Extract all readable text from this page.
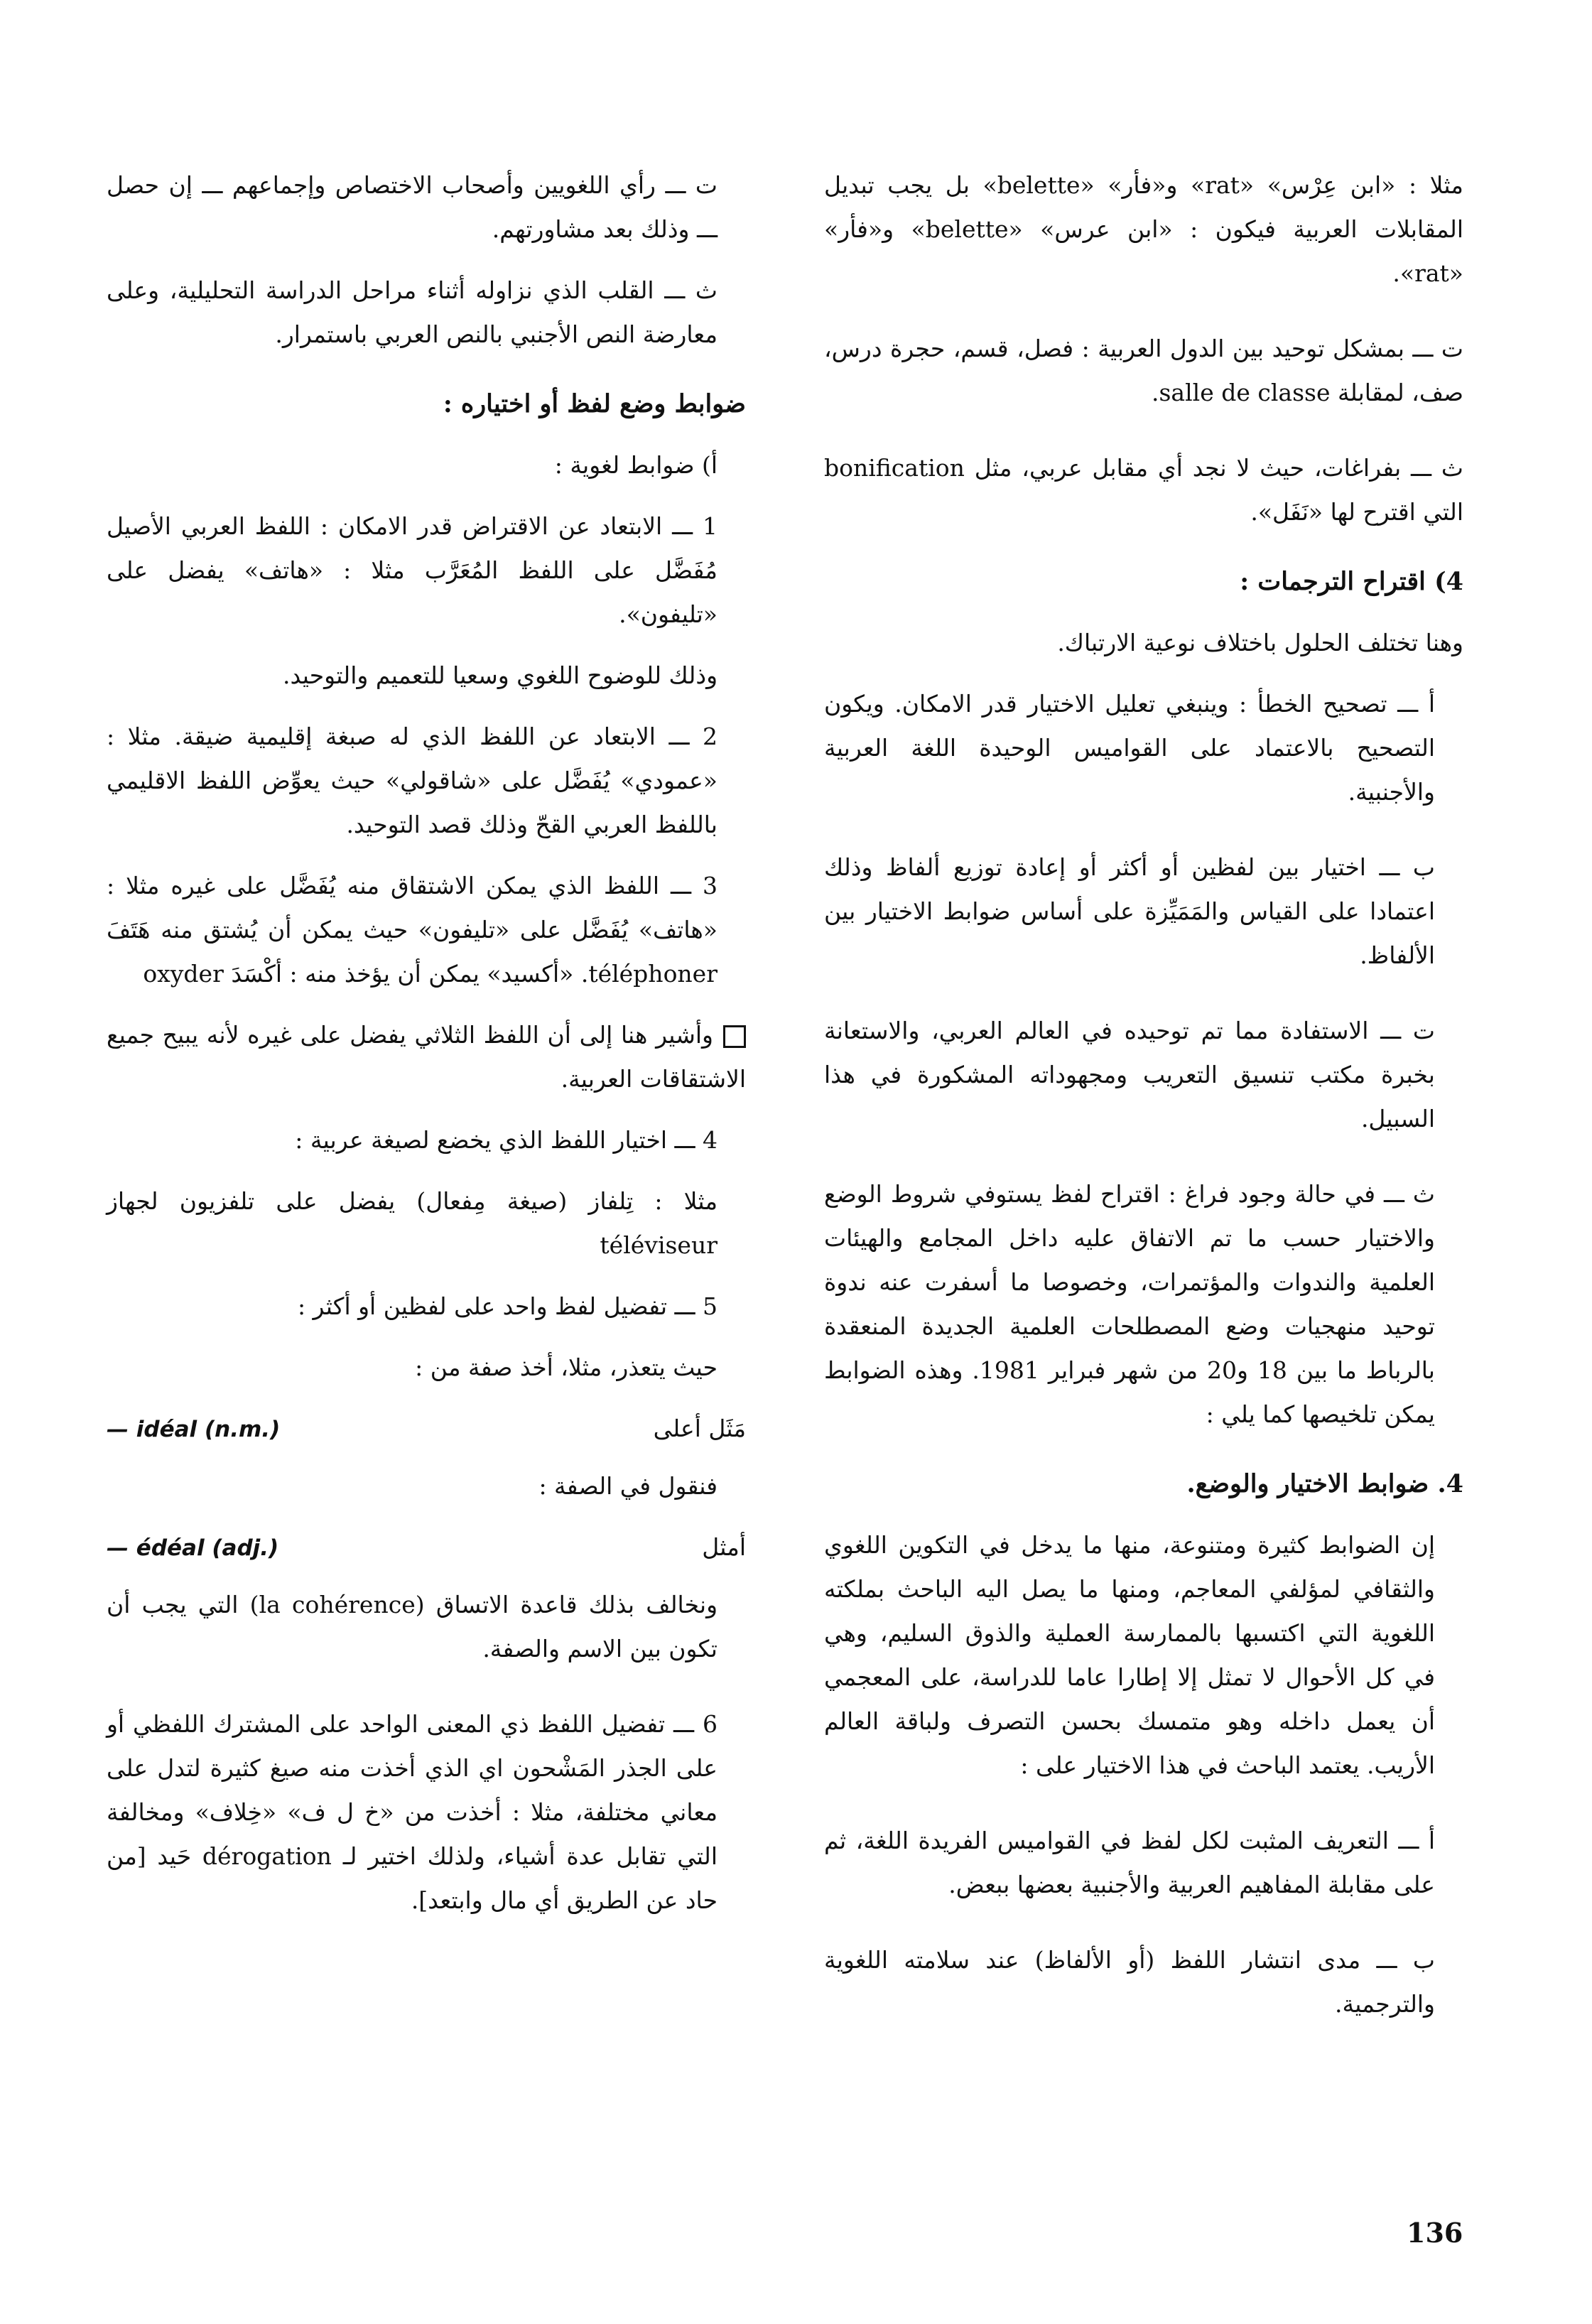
مثلا : «ابن عِرْس» «rat» و«فأر» «belette» بل يجب تبديل المقابلات العربية فيكون : «ابن عرس» «belette» و«فأر» «rat».

ت ـــ بمشكل توحيد بين الدول العربية : فصل، قسم، حجرة درس، صف، لمقابلة salle de classe.

ث ـــ بفراغات، حيث لا نجد أي مقابل عربي، مثل bonification التي اقترح لها «نَفَل».

4) اقتراح الترجمات :

وهنا تختلف الحلول باختلاف نوعية الارتباك.

أ ـــ تصحيح الخطأ : وينبغي تعليل الاختيار قدر الامكان. ويكون التصحيح بالاعتماد على القواميس الوحيدة اللغة العربية والأجنبية.

ب ـــ اختيار بين لفظين أو أكثر أو إعادة توزيع ألفاظ وذلك اعتمادا على القياس والمَمَيِّزة على أساس ضوابط الاختيار بين الألفاظ.

ت ـــ الاستفادة مما تم توحيده في العالم العربي، والاستعانة بخبرة مكتب تنسيق التعريب ومجهوداته المشكورة في هذا السبيل.

ث ـــ في حالة وجود فراغ : اقتراح لفظ يستوفي شروط الوضع والاختيار حسب ما تم الاتفاق عليه داخل المجامع والهيئات العلمية والندوات والمؤتمرات، وخصوصا ما أسفرت عنه ندوة توحيد منهجيات وضع المصطلحات العلمية الجديدة المنعقدة بالرباط ما بين 18 و20 من شهر فبراير 1981. وهذه الضوابط يمكن تلخيصها كما يلي :

4. ضوابط الاختيار والوضع.

إن الضوابط كثيرة ومتنوعة، منها ما يدخل في التكوين اللغوي والثقافي لمؤلفي المعاجم، ومنها ما يصل اليه الباحث بملكته اللغوية التي اكتسبها بالممارسة العملية والذوق السليم، وهي في كل الأحوال لا تمثل إلا إطارا عاما للدراسة، على المعجمي أن يعمل داخله وهو متمسك بحسن التصرف ولباقة العالم الأريب. يعتمد الباحث في هذا الاختيار على :

أ ـــ التعريف المثبت لكل لفظ في القواميس الفريدة اللغة، ثم على مقابلة المفاهيم العربية والأجنبية بعضها ببعض.

ب ـــ مدى انتشار اللفظ (أو الألفاظ) عند سلامته اللغوية والترجمية.

ت ـــ رأي اللغويين وأصحاب الاختصاص وإجماعهم ـــ إن حصل ـــ وذلك بعد مشاورتهم.

ث ـــ القلب الذي نزاوله أثناء مراحل الدراسة التحليلية، وعلى معارضة النص الأجنبي بالنص العربي باستمرار.

ضوابط وضع لفظ أو اختياره :

أ) ضوابط لغوية :

1 ـــ الابتعاد عن الاقتراض قدر الامكان : اللفظ العربي الأصيل مُفَضَّل على اللفظ المُعَرَّب مثلا : «هاتف» يفضل على «تليفون».

وذلك للوضوح اللغوي وسعيا للتعميم والتوحيد.

2 ـــ الابتعاد عن اللفظ الذي له صبغة إقليمية ضيقة. مثلا : «عمودي» يُفَضَّل على «شاقولي» حيث يعوِّض اللفظ الاقليمي باللفظ العربي القحّ وذلك قصد التوحيد.

3 ـــ اللفظ الذي يمكن الاشتقاق منه يُفَضَّل على غيره مثلا : «هاتف» يُفَضَّل على «تليفون» حيث يمكن أن يُشتق منه هَتَفَ téléphoner. «أكسيد» يمكن أن يؤخذ منه : أكْسَدَ oxyder

وأشير هنا إلى أن اللفظ الثلاثي يفضل على غيره لأنه يبيح جميع الاشتقاقات العربية.

4 ـــ اختيار اللفظ الذي يخضع لصيغة عربية :

مثلا : تِلفاز (صيغة مِفعال) يفضل على تلفزيون لجهاز téléviseur

5 ـــ تفضيل لفظ واحد على لفظين أو أكثر :

حيث يتعذر، مثلا، أخذ صفة من :

مَثَل أعلى
— idéal (n.m.)

فنقول في الصفة :

أمثل
— édéal (adj.)

ونخالف بذلك قاعدة الاتساق (la cohérence) التي يجب أن تكون بين الاسم والصفة.

6 ـــ تفضيل اللفظ ذي المعنى الواحد على المشترك اللفظي أو على الجذر المَشْحون اي الذي أخذت منه صيغ كثيرة لتدل على معاني مختلفة، مثلا : أخذت من «خ ل ف» «خِلاف» ومخالفة التي تقابل عدة أشياء، ولذلك اختير لـ dérogation حَيد [من حاد عن الطريق أي مال وابتعد].

136
